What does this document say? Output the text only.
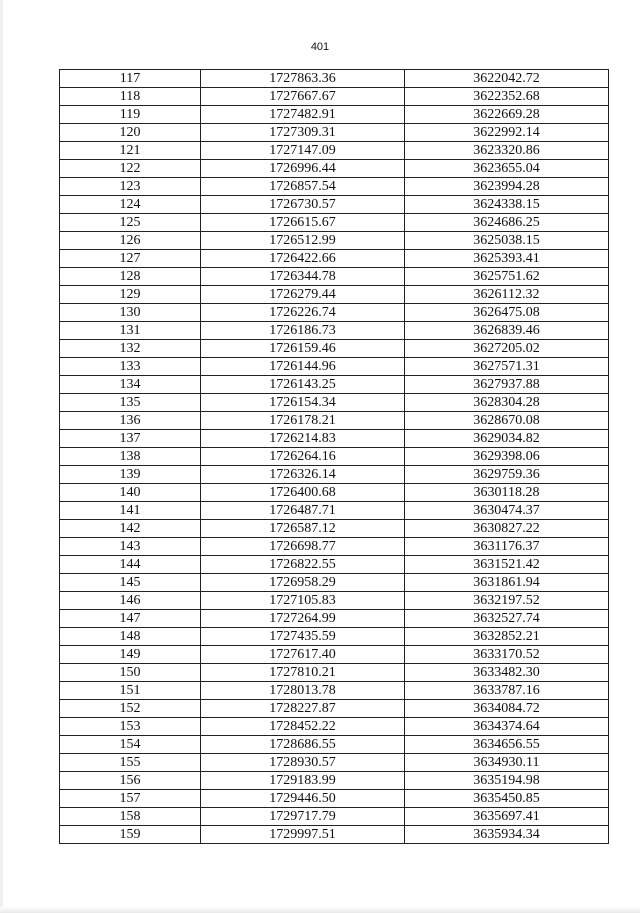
401
117	1727863.36	3622042.72
118	1727667.67	3622352.68
119	1727482.91	3622669.28
120	1727309.31	3622992.14
121	1727147.09	3623320.86
122	1726996.44	3623655.04
123	1726857.54	3623994.28
124	1726730.57	3624338.15
125	1726615.67	3624686.25
126	1726512.99	3625038.15
127	1726422.66	3625393.41
128	1726344.78	3625751.62
129	1726279.44	3626112.32
130	1726226.74	3626475.08
131	1726186.73	3626839.46
132	1726159.46	3627205.02
133	1726144.96	3627571.31
134	1726143.25	3627937.88
135	1726154.34	3628304.28
136	1726178.21	3628670.08
137	1726214.83	3629034.82
138	1726264.16	3629398.06
139	1726326.14	3629759.36
140	1726400.68	3630118.28
141	1726487.71	3630474.37
142	1726587.12	3630827.22
143	1726698.77	3631176.37
144	1726822.55	3631521.42
145	1726958.29	3631861.94
146	1727105.83	3632197.52
147	1727264.99	3632527.74
148	1727435.59	3632852.21
149	1727617.40	3633170.52
150	1727810.21	3633482.30
151	1728013.78	3633787.16
152	1728227.87	3634084.72
153	1728452.22	3634374.64
154	1728686.55	3634656.55
155	1728930.57	3634930.11
156	1729183.99	3635194.98
157	1729446.50	3635450.85
158	1729717.79	3635697.41
159	1729997.51	3635934.34
